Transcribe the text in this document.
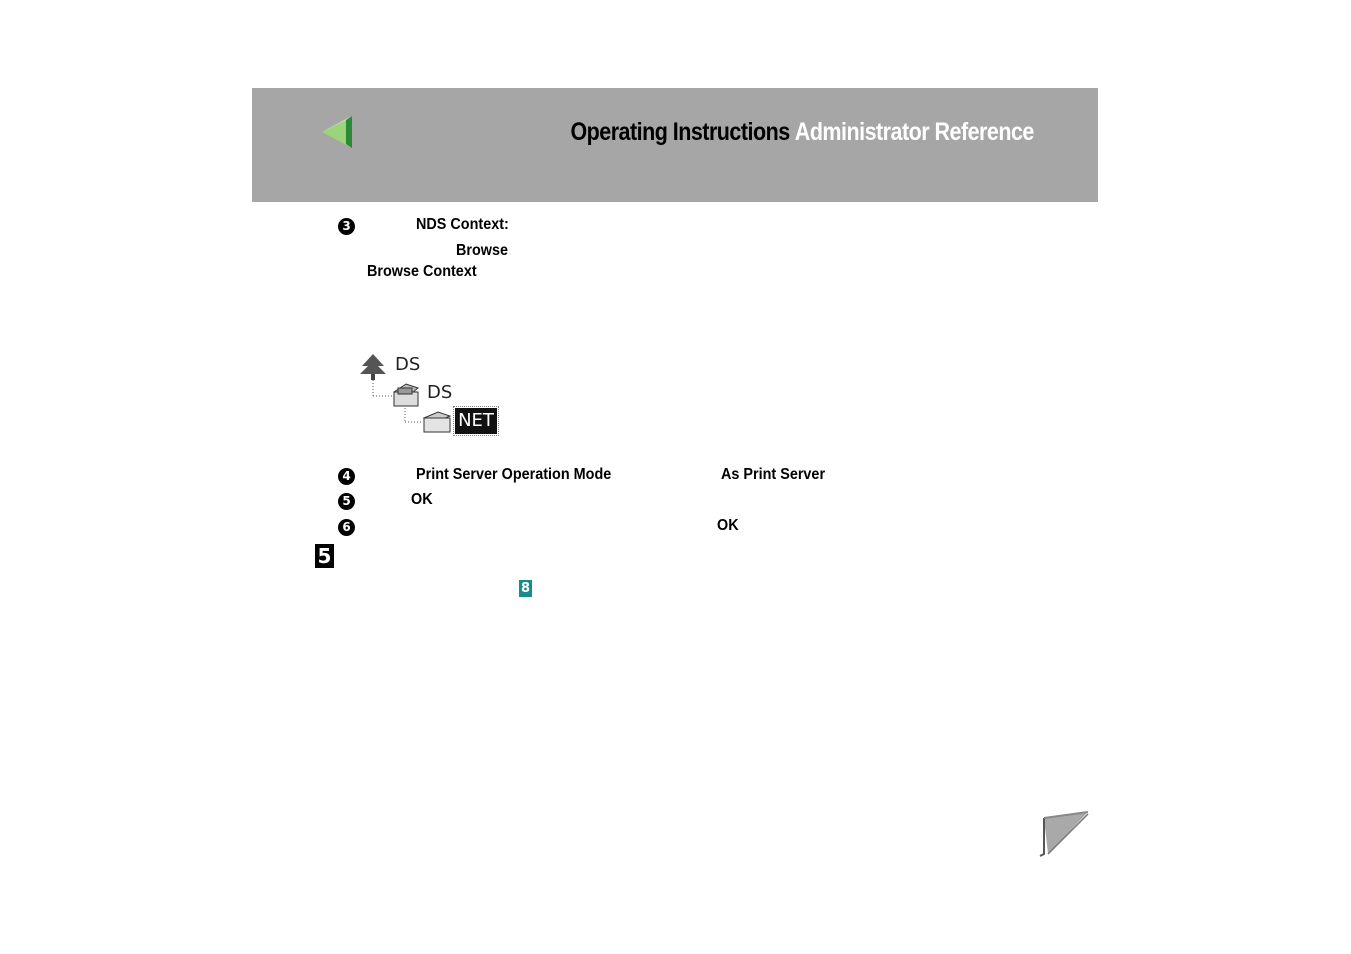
Operating Instructions Administrator Reference
3	NDS Context:
Browse
Browse Context
DS
DS
NET
4	Print Server Operation Mode	As Print Server
5	OK
6	OK
5
8
